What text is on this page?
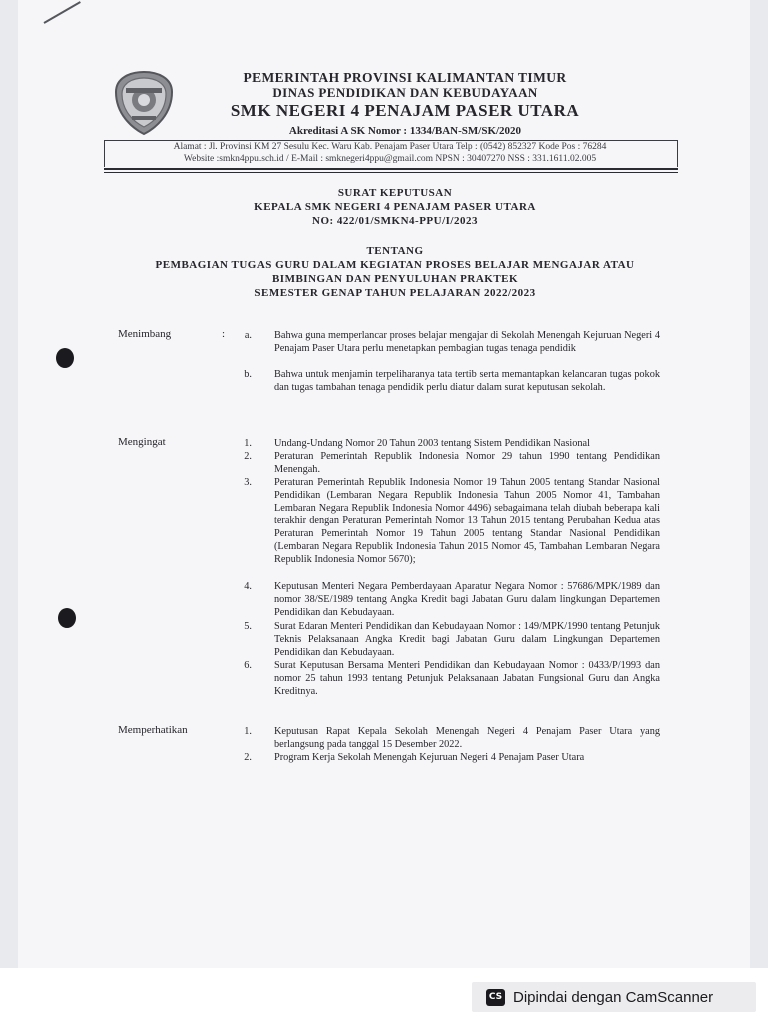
PEMERINTAH PROVINSI KALIMANTAN TIMUR
DINAS PENDIDIKAN DAN KEBUDAYAAN
SMK NEGERI 4 PENAJAM PASER UTARA
Akreditasi A SK Nomor : 1334/BAN-SM/SK/2020
Alamat : Jl. Provinsi KM 27 Sesulu Kec. Waru Kab. Penajam Paser Utara Telp : (0542) 852327 Kode Pos : 76284
Website :smkn4ppu.sch.id / E-Mail : smknegeri4ppu@gmail.com NPSN : 30407270 NSS : 331.1611.02.005
SURAT KEPUTUSAN
KEPALA SMK NEGERI 4 PENAJAM PASER UTARA
NO: 422/01/SMKN4-PPU/I/2023
TENTANG
PEMBAGIAN TUGAS GURU DALAM KEGIATAN PROSES BELAJAR MENGAJAR ATAU
BIMBINGAN DAN PENYULUHAN PRAKTEK
SEMESTER GENAP TAHUN PELAJARAN 2022/2023
Menimbang	:	a. Bahwa guna memperlancar proses belajar mengajar di Sekolah Menengah Kejuruan Negeri 4 Penajam Paser Utara perlu menetapkan pembagian tugas tenaga pendidik
b. Bahwa untuk menjamin terpeliharanya tata tertib serta memantapkan kelancaran tugas pokok dan tugas tambahan tenaga pendidik perlu diatur dalam surat keputusan sekolah.
Mengingat	1. Undang-Undang Nomor 20 Tahun 2003 tentang Sistem Pendidikan Nasional
2. Peraturan Pemerintah Republik Indonesia Nomor 29 tahun 1990 tentang Pendidikan Menengah.
3. Peraturan Pemerintah Republik Indonesia Nomor 19 Tahun 2005 tentang Standar Nasional Pendidikan (Lembaran Negara Republik Indonesia Tahun 2005 Nomor 41, Tambahan Lembaran Negara Republik Indonesia Nomor 4496) sebagaimana telah diubah beberapa kali terakhir dengan Peraturan Pemerintah Nomor 13 Tahun 2015 tentang Perubahan Kedua atas Peraturan Pemerintah Nomor 19 Tahun 2005 tentang Standar Nasional Pendidikan (Lembaran Negara Republik Indonesia Tahun 2015 Nomor 45, Tambahan Lembaran Negara Republik Indonesia Nomor 5670);
4. Keputusan Menteri Negara Pemberdayaan Aparatur Negara Nomor : 57686/MPK/1989 dan nomor 38/SE/1989 tentang Angka Kredit bagi Jabatan Guru dalam lingkungan Departemen Pendidikan dan Kebudayaan.
5. Surat Edaran Menteri Pendidikan dan Kebudayaan Nomor : 149/MPK/1990 tentang Petunjuk Teknis Pelaksanaan Angka Kredit bagi Jabatan Guru dalam Lingkungan Departemen Pendidikan dan Kebudayaan.
6. Surat Keputusan Bersama Menteri Pendidikan dan Kebudayaan Nomor : 0433/P/1993 dan nomor 25 tahun 1993 tentang Petunjuk Pelaksanaan Jabatan Fungsional Guru dan Angka Kreditnya.
Memperhatikan	1. Keputusan Rapat Kepala Sekolah Menengah Negeri 4 Penajam Paser Utara yang berlangsung pada tanggal 15 Desember 2022.
2. Program Kerja Sekolah Menengah Kejuruan Negeri 4 Penajam Paser Utara
CS Dipindai dengan CamScanner
